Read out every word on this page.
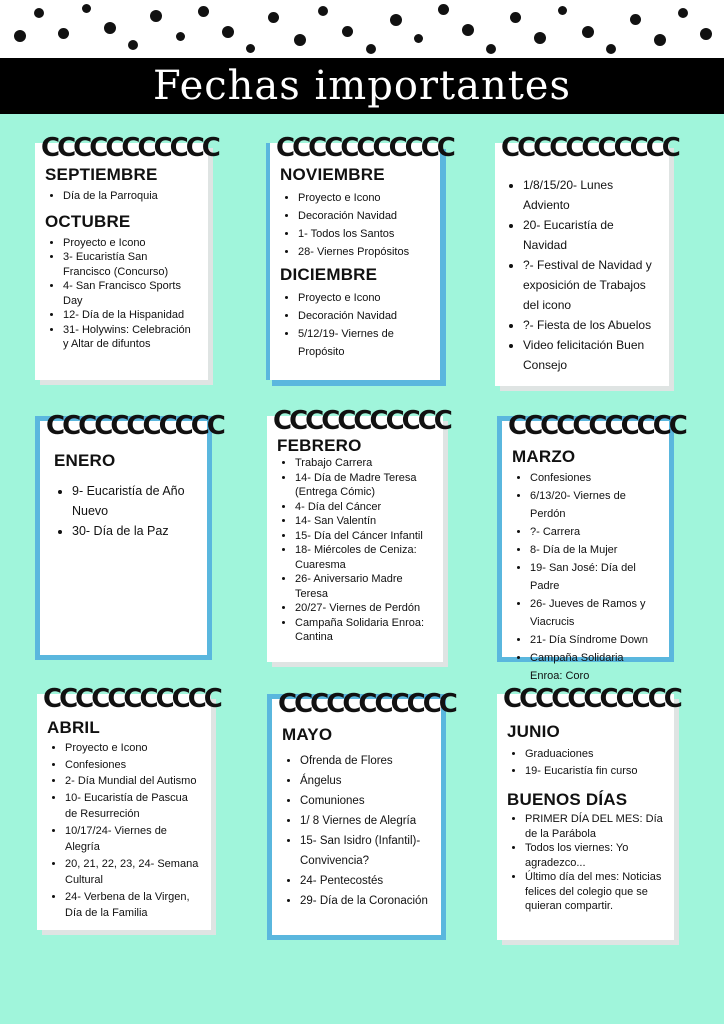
Fechas importantes
CCCCCCCCCCC
SEPTIEMBRE
• Día de la Parroquia
OCTUBRE
• Proyecto e Icono
• 3- Eucaristía San Francisco (Concurso)
• 4- San Francisco Sports Day
• 12- Día de la Hispanidad
• 31- Holywins: Celebración y Altar de difuntos
CCCCCCCCCCC
NOVIEMBRE
• Proyecto e Icono
• Decoración Navidad
• 1- Todos los Santos
• 28- Viernes Propósitos
DICIEMBRE
• Proyecto e Icono
• Decoración Navidad
• 5/12/19- Viernes de Propósito
CCCCCCCCCCC
• 1/8/15/20- Lunes Adviento
• 20- Eucaristía de Navidad
• ?- Festival de Navidad y exposición de Trabajos del icono
• ?- Fiesta de los Abuelos
• Video felicitación Buen Consejo
CCCCCCCCCCC
ENERO
• 9- Eucaristía de Año Nuevo
• 30- Día de la Paz
CCCCCCCCCCC
FEBRERO
• Trabajo Carrera
• 14- Día de Madre Teresa (Entrega Cómic)
• 4- Día del Cáncer
• 14- San Valentín
• 15- Día del Cáncer Infantil
• 18- Miércoles de Ceniza: Cuaresma
• 26- Aniversario Madre Teresa
• 20/27- Viernes de Perdón
• Campaña Solidaria Enroa: Cantina
CCCCCCCCCCC
MARZO
• Confesiones
• 6/13/20- Viernes de Perdón
• ?- Carrera
• 8- Día de la Mujer
• 19- San José: Día del Padre
• 26- Jueves de Ramos y Viacrucis
• 21- Día Síndrome Down
• Campaña Solidaria Enroa: Coro
CCCCCCCCCCC
ABRIL
• Proyecto e Icono
• Confesiones
• 2- Día Mundial del Autismo
• 10- Eucaristía de Pascua de Resurreción
• 10/17/24- Viernes de Alegría
• 20, 21, 22, 23, 24- Semana Cultural
• 24- Verbena de la Virgen, Día de la Familia
CCCCCCCCCCC
MAYO
• Ofrenda de Flores
• Ángelus
• Comuniones
• 1/ 8 Viernes de Alegría
• 15- San Isidro (Infantil)- Convivencia?
• 24- Pentecostés
• 29- Día de la Coronación
CCCCCCCCCCC
JUNIO
• Graduaciones
• 19- Eucaristía fin curso
BUENOS DÍAS
• PRIMER DÍA DEL MES: Día de la Parábola
• Todos los viernes: Yo agradezco...
• Último día del mes: Noticias felices del colegio que se quieran compartir.
